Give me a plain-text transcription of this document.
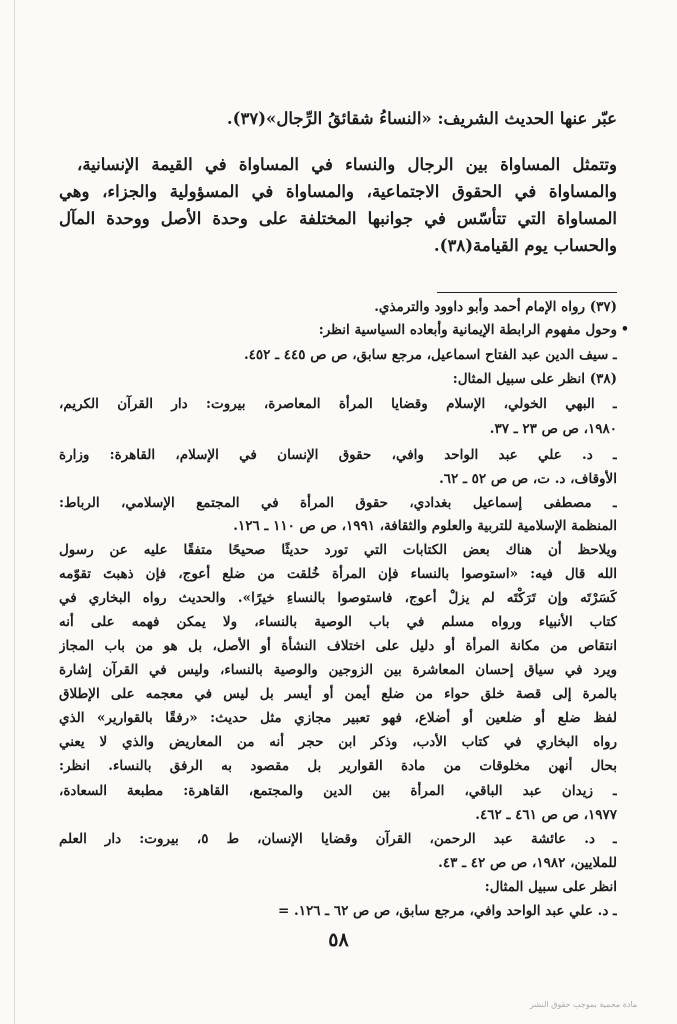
عبّر عنها الحديث الشريف: «النساءُ شقائقُ الرِّجال»(٣٧).
وتتمثل المساواة بين الرجال والنساء في المساواة في القيمة الإنسانية،
والمساواة في الحقوق الاجتماعية، والمساواة في المسؤولية والجزاء، وهي
المساواة التي تتأسّس في جوانبها المختلفة على وحدة الأصل ووحدة المآل
والحساب يوم القيامة(٣٨).
•
(٣٧) رواه الإمام أحمد وأبو داوود والترمذي.
وحول مفهوم الرابطة الإيمانية وأبعاده السياسية انظر:
ـ سيف الدين عبد الفتاح اسماعيل، مرجع سابق، ص ص ٤٤٥ ـ ٤٥٢.
(٣٨) انظر على سبيل المثال:
ـ البهي الخولي، الإسلام وقضايا المرأة المعاصرة، بيروت: دار القرآن الكريم،
١٩٨٠، ص ص ٢٣ ـ ٣٧.
ـ د. علي عبد الواحد وافي، حقوق الإنسان في الإسلام، القاهرة: وزارة
الأوقاف، د. ت، ص ص ٥٢ ـ ٦٢.
ـ مصطفى إسماعيل بغدادي، حقوق المرأة في المجتمع الإسلامي، الرباط:
المنظمة الإسلامية للتربية والعلوم والثقافة، ١٩٩١، ص ص ١١٠ ـ ١٢٦.
ويلاحظ أن هناك بعض الكتابات التي تورد حديثًا صحيحًا متفقًا عليه عن رسول
الله قال فيه: «استوصوا بالنساء فإن المرأة خُلقت من ضلع أعوج، فإن ذهبتَ تقوّمه
كَسَرْتَه وإن تَرَكْتَه لم يزلْ أعوج، فاستوصوا بالنساءِ خيرًا». والحديث رواه البخاري في
كتاب الأنبياء ورواه مسلم في باب الوصية بالنساء، ولا يمكن فهمه على أنه
انتقاص من مكانة المرأة أو دليل على اختلاف النشأة أو الأصل، بل هو من باب المجاز
ويرد في سياق إحسان المعاشرة بين الزوجين والوصية بالنساء، وليس في القرآن إشارة
بالمرة إلى قصة خلق حواء من ضلع أيمن أو أيسر بل ليس في معجمه على الإطلاق
لفظ ضلع أو ضلعين أو أضلاع، فهو تعبير مجازي مثل حديث: «رفقًا بالقوارير» الذي
رواه البخاري في كتاب الأدب، وذكر ابن حجر أنه من المعاريض والذي لا يعني
بحال أنهن مخلوقات من مادة القوارير بل مقصود به الرفق بالنساء. انظر:
ـ زيدان عبد الباقي، المرأة بين الدين والمجتمع، القاهرة: مطبعة السعادة،
١٩٧٧، ص ص ٤٦١ ـ ٤٦٢.
ـ د. عائشة عبد الرحمن، القرآن وقضايا الإنسان، ط ٥، بيروت: دار العلم
للملايين، ١٩٨٢، ص ص ٤٢ ـ ٤٣.
انظر على سبيل المثال:
ـ د. علي عبد الواحد وافي، مرجع سابق، ص ص ٦٢ ـ ١٢٦. =
٥٨
مادة محمية بموجب حقوق النشر
